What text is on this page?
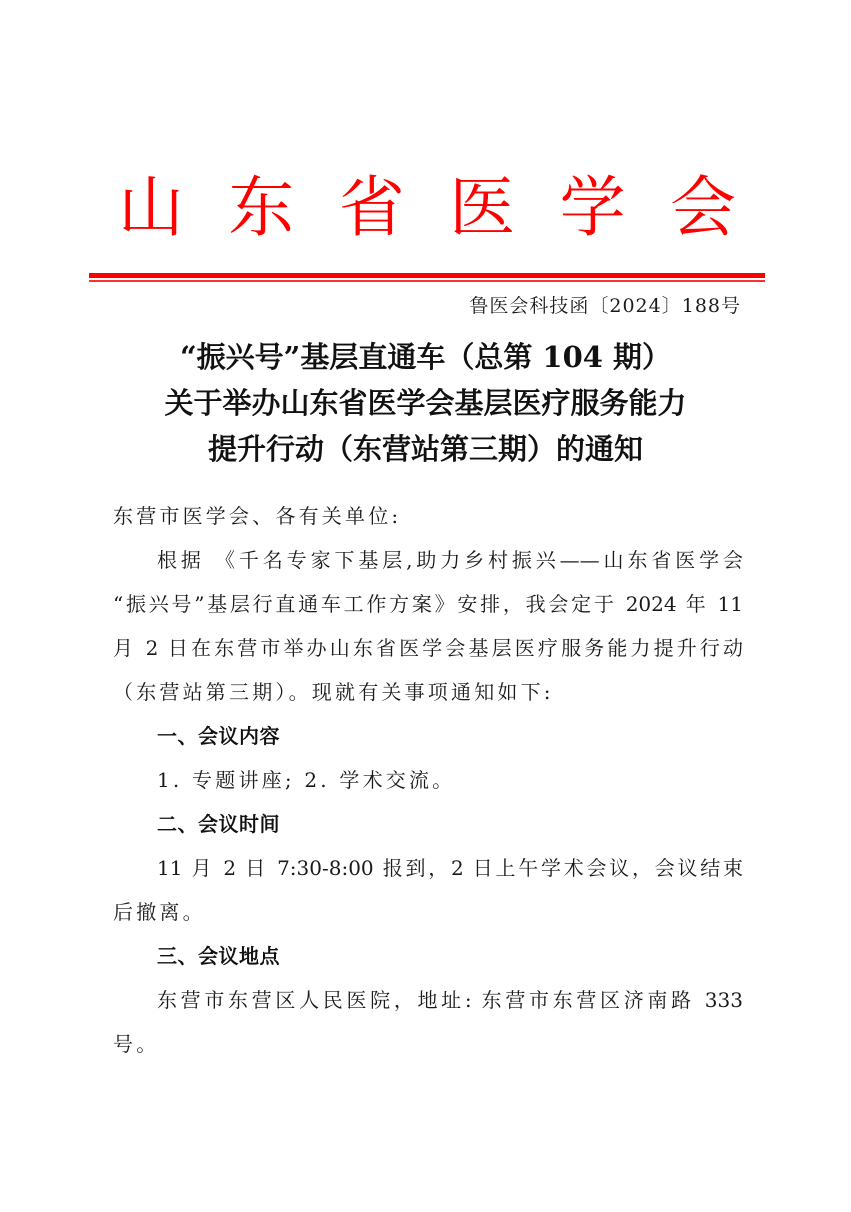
山 东 省 医 学 会
鲁医会科技函〔2024〕188号
“振兴号”基层直通车（总第 104 期）
关于举办山东省医学会基层医疗服务能力
提升行动（东营站第三期）的通知
东营市医学会、各有关单位:
根据 《千名专家下基层,助力乡村振兴——山东省医学会
“振兴号”基层行直通车工作方案》安排，我会定于 2024 年 11
月 2 日在东营市举办山东省医学会基层医疗服务能力提升行动
（东营站第三期）。现就有关事项通知如下:
一、会议内容
1. 专题讲座; 2. 学术交流。
二、会议时间
11 月 2 日 7:30-8:00 报到，2 日上午学术会议，会议结束
后撤离。
三、会议地点
东营市东营区人民医院，地址: 东营市东营区济南路 333
号。
